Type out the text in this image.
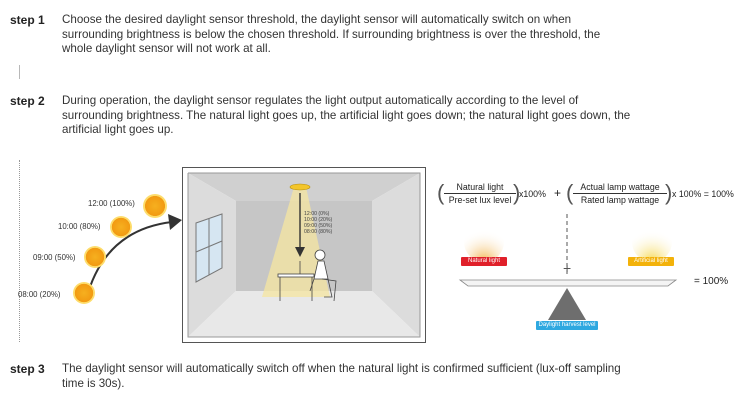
step 1 Choose the desired daylight sensor threshold, the daylight sensor will automatically switch on when surrounding brightness is below the chosen threshold. If surrounding brightness is over the threshold, the whole daylight sensor will not work at all.
step 2 During operation, the daylight sensor regulates the light output automatically according to the level of surrounding brightness. The natural light goes up, the artificial light goes down; the natural light goes down, the artificial light goes up.
08:00 (20%)
09:00 (50%)
10:00 (80%)
12:00 (100%)
12:00 (0%)
10:00 (20%)
09:00 (50%)
08:00 (80%)
(	Natural light
Pre-set lux level )
x100% + ( Actual lamp wattage
Rated lamp wattage ) x 100% = 100%
Natural light	Artificial light
+
Daylight harvest level
= 100%
step 3 The daylight sensor will automatically switch off when the natural light is confirmed sufficient (lux-off sampling time is 30s).
